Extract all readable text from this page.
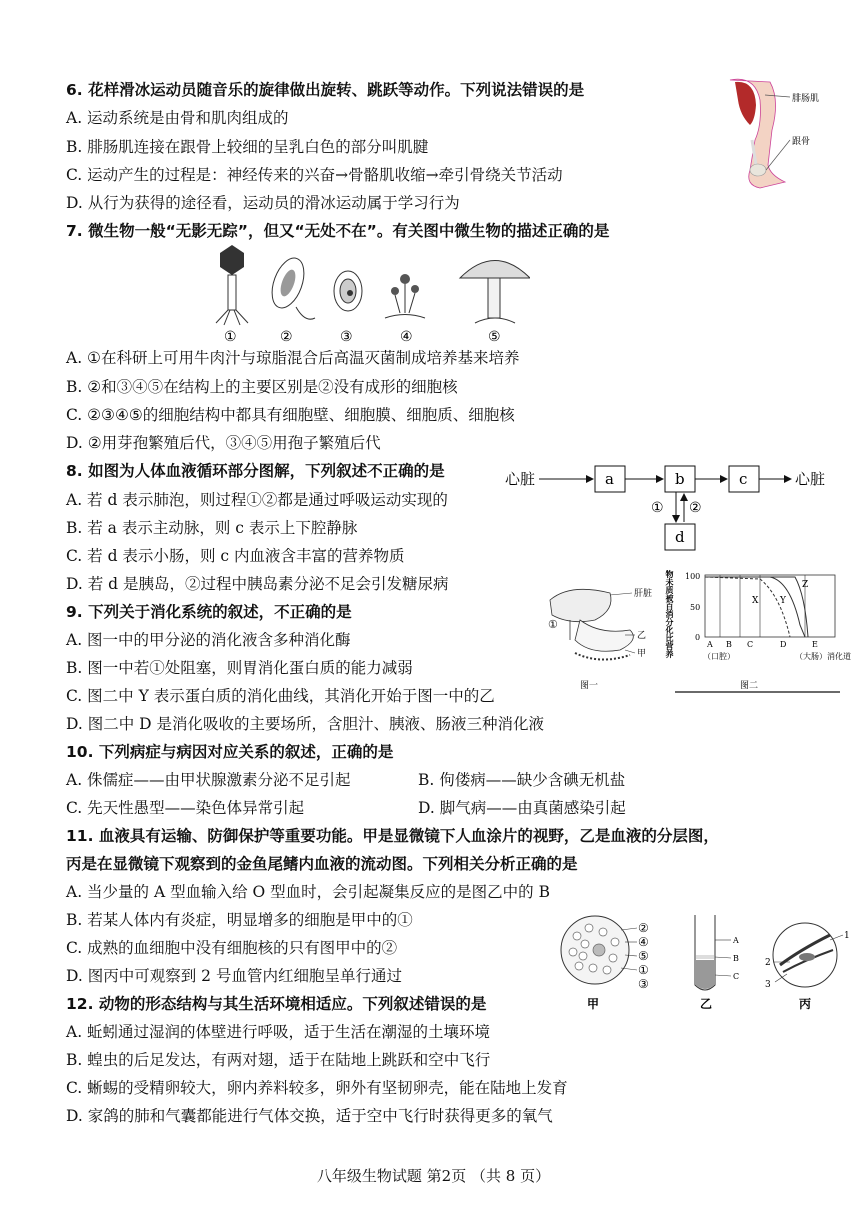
6. 花样滑冰运动员随音乐的旋律做出旋转、跳跃等动作。下列说法错误的是
A. 运动系统是由骨和肌肉组成的
B. 腓肠肌连接在跟骨上较细的呈乳白色的部分叫肌腱
C. 运动产生的过程是：神经传来的兴奋→骨骼肌收缩→牵引骨绕关节活动
D. 从行为获得的途径看，运动员的滑冰运动属于学习行为
腓肠肌
跟骨
7. 微生物一般“无影无踪”，但又“无处不在”。有关图中微生物的描述正确的是
①	②	③	④	⑤
A. ①在科研上可用牛肉汁与琼脂混合后高温灭菌制成培养基来培养
B. ②和③④⑤在结构上的主要区别是②没有成形的细胞核
C. ②③④⑤的细胞结构中都具有细胞壁、细胞膜、细胞质、细胞核
D. ②用芽孢繁殖后代，③④⑤用孢子繁殖后代
8. 如图为人体血液循环部分图解，下列叙述不正确的是
A. 若 d 表示肺泡，则过程①②都是通过呼吸运动实现的
B. 若 a 表示主动脉，则 c 表示上下腔静脉
C. 若 d 表示小肠，则 c 内血液含丰富的营养物质
D. 若 d 是胰岛，②过程中胰岛素分泌不足会引发糖尿病
心脏	a	b	c	心脏
① ②
d
9. 下列关于消化系统的叙述，不正确的是
A. 图一中的甲分泌的消化液含多种消化酶
B. 图一中若①处阻塞，则胃消化蛋白质的能力减弱
C. 图二中 Y 表示蛋白质的消化曲线，其消化开始于图一中的乙
D. 图二中 D 是消化吸收的主要场所，含胆汁、胰液、肠液三种消化液
肝脏
乙
甲
①
图一
物未质被百消分化比营养 100
50
0
X Y
Z
A B C	D	E
（口腔）	（大肠）消化道
图二
10. 下列病症与病因对应关系的叙述，正确的是
A. 侏儒症——由甲状腺激素分泌不足引起	B. 佝偻病——缺少含碘无机盐
C. 先天性愚型——染色体异常引起	D. 脚气病——由真菌感染引起
11. 血液具有运输、防御保护等重要功能。甲是显微镜下人血涂片的视野，乙是血液的分层图，
丙是在显微镜下观察到的金鱼尾鳍内血液的流动图。下列相关分析正确的是
A. 当少量的 A 型血输入给 O 型血时，会引起凝集反应的是图乙中的 B
B. 若某人体内有炎症，明显增多的细胞是甲中的①
C. 成熟的血细胞中没有细胞核的只有图甲中的②
D. 图丙中可观察到 2 号血管内红细胞呈单行通过
②
④
⑤
①
③
甲
A
B
C
乙
1
2
3
丙
12. 动物的形态结构与其生活环境相适应。下列叙述错误的是
A. 蚯蚓通过湿润的体壁进行呼吸，适于生活在潮湿的土壤环境
B. 蝗虫的后足发达，有两对翅，适于在陆地上跳跃和空中飞行
C. 蜥蜴的受精卵较大，卵内养料较多，卵外有坚韧卵壳，能在陆地上发育
D. 家鸽的肺和气囊都能进行气体交换，适于空中飞行时获得更多的氧气
八年级生物试题 第2页 （共 8 页）
